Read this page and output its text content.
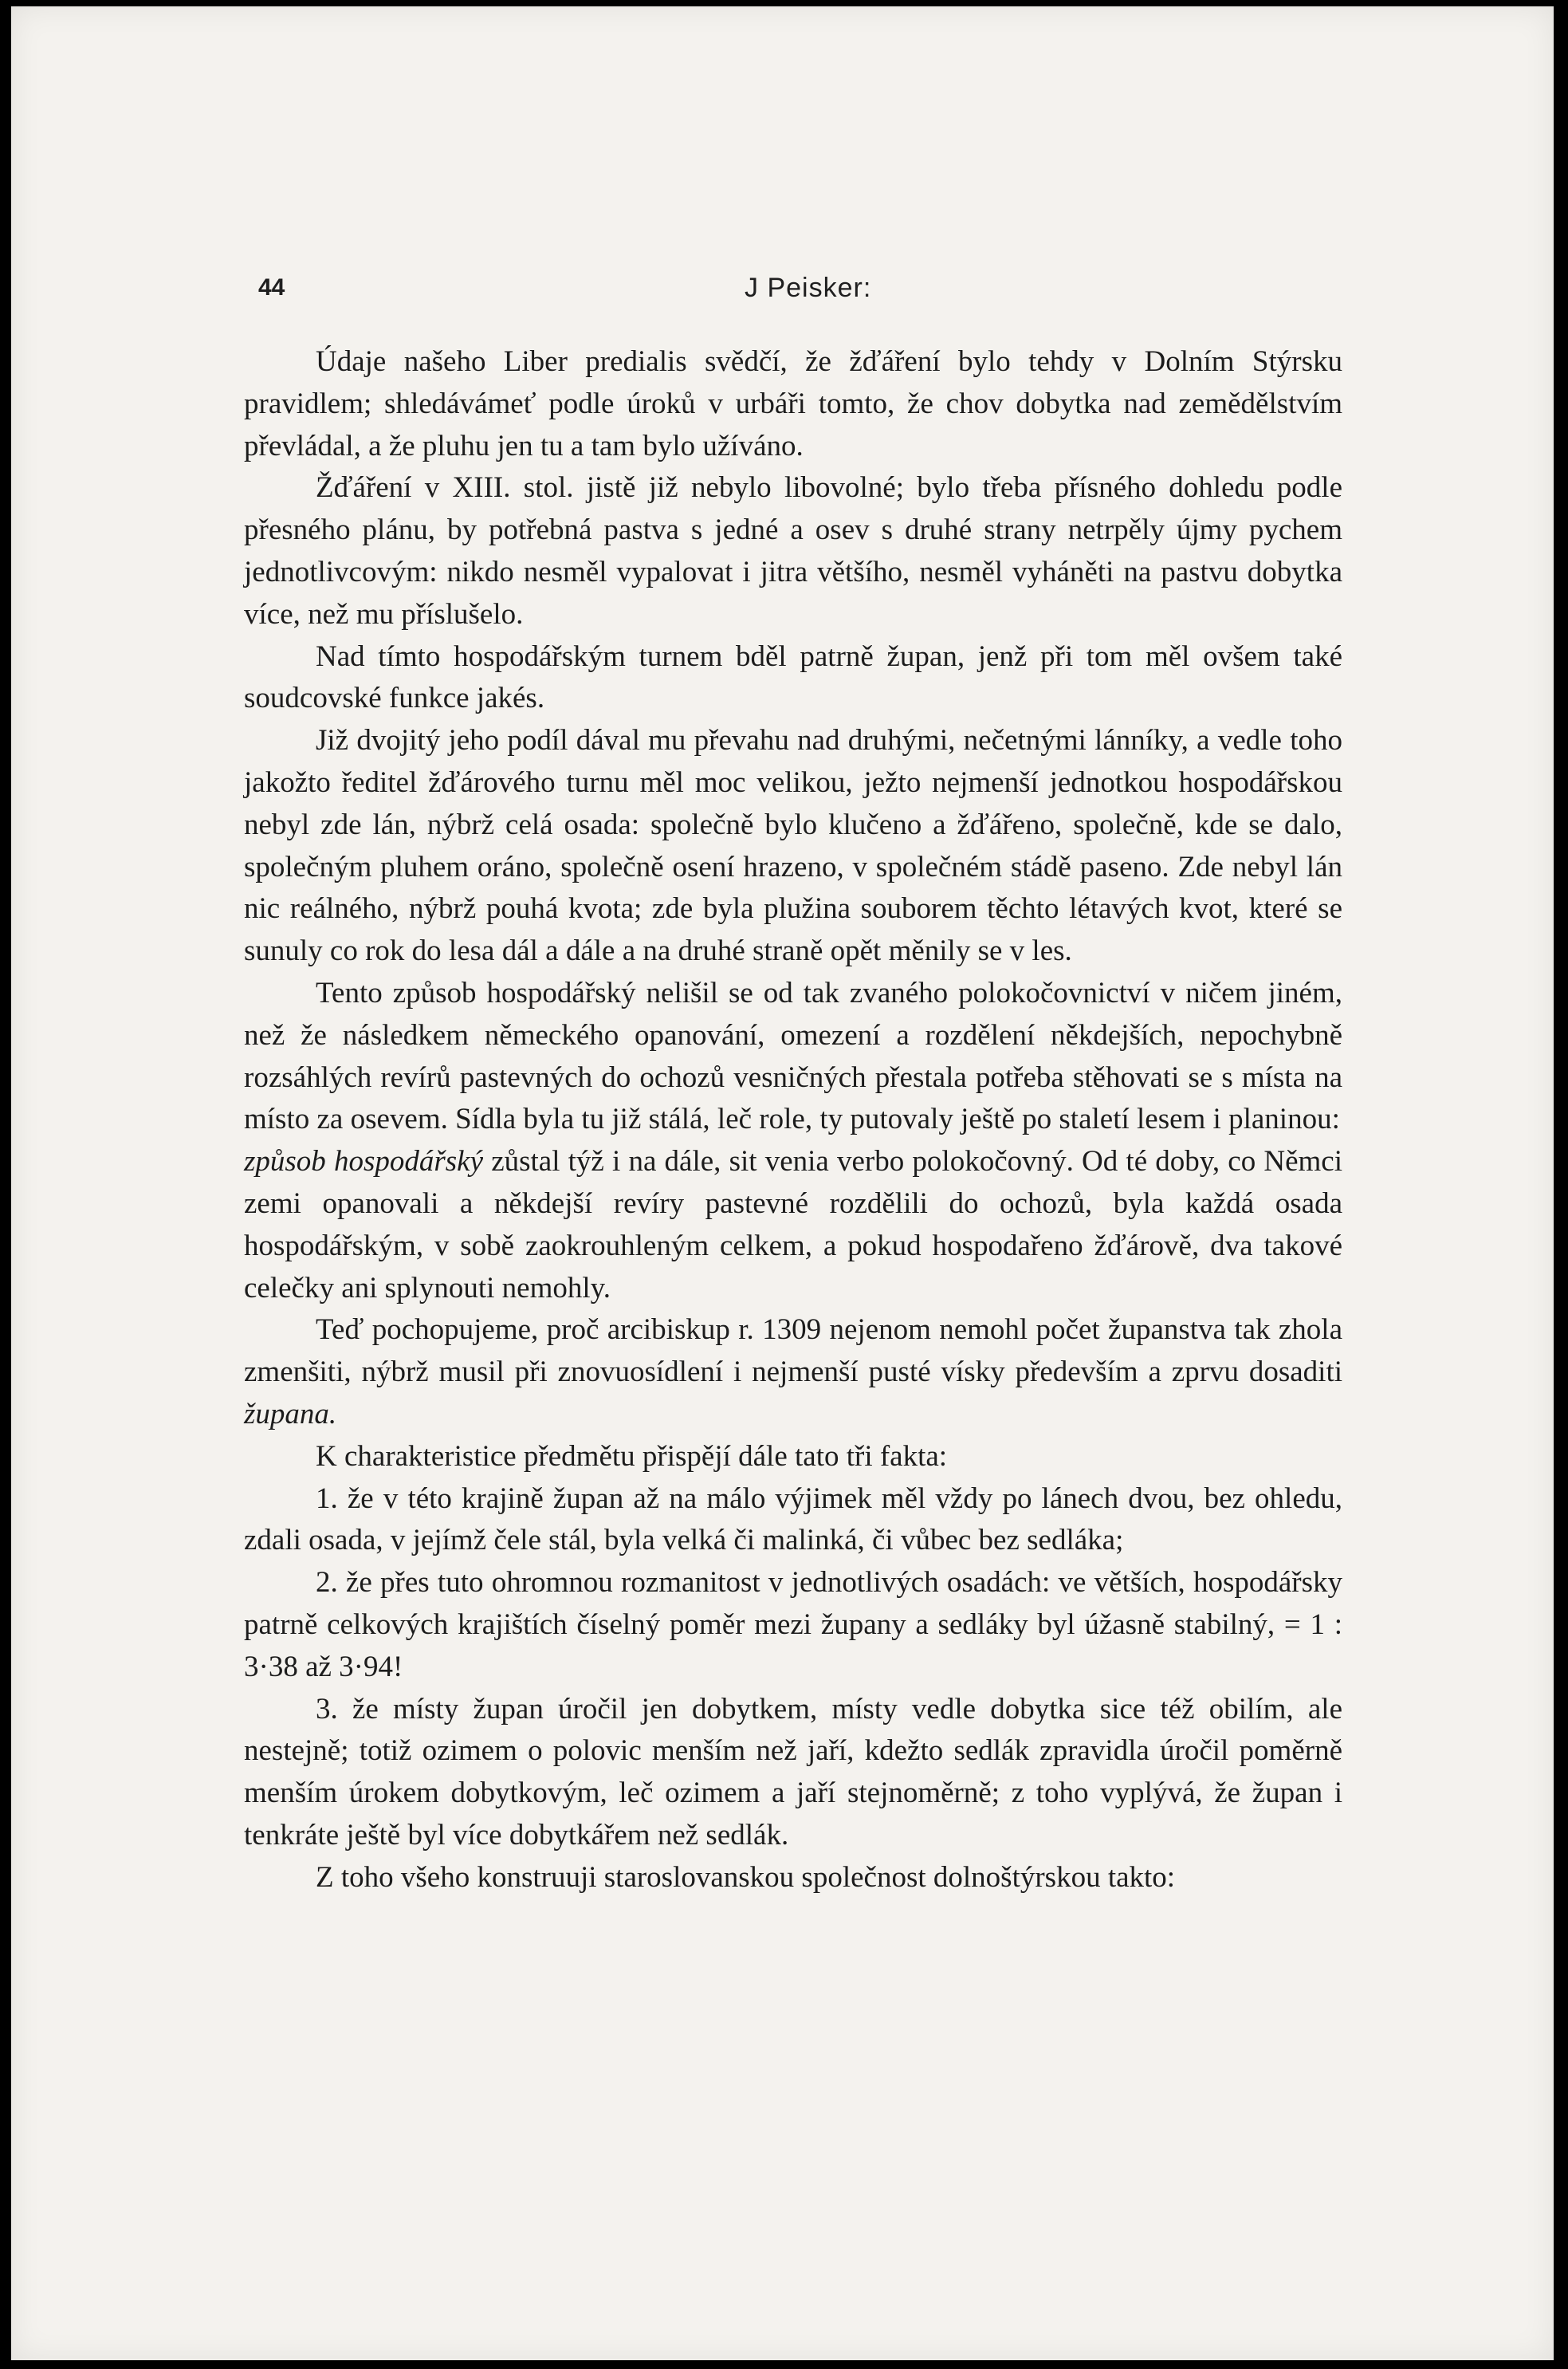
44	J Peisker:

Údaje našeho Liber predialis svědčí, že žďáření bylo tehdy v Dolním Stýrsku pravidlem; shledávámeť podle úroků v urbáři tomto, že chov dobytka nad zemědělstvím převládal, a že pluhu jen tu a tam bylo užíváno.

Žďáření v XIII. stol. jistě již nebylo libovolné; bylo třeba přísného dohledu podle přesného plánu, by potřebná pastva s jedné a osev s druhé strany netrpěly újmy pychem jednotlivcovým: nikdo nesměl vypalovat i jitra většího, nesměl vyháněti na pastvu dobytka více, než mu příslušelo.

Nad tímto hospodářským turnem bděl patrně župan, jenž při tom měl ovšem také soudcovské funkce jakés.

Již dvojitý jeho podíl dával mu převahu nad druhými, nečetnými lánníky, a vedle toho jakožto ředitel žďárového turnu měl moc velikou, ježto nejmenší jednotkou hospodářskou nebyl zde lán, nýbrž celá osada: společně bylo klučeno a žďářeno, společně, kde se dalo, společným pluhem oráno, společně osení hrazeno, v společném stádě paseno. Zde nebyl lán nic reálného, nýbrž pouhá kvota; zde byla plužina souborem těchto létavých kvot, které se sunuly co rok do lesa dál a dále a na druhé straně opět měnily se v les.

Tento způsob hospodářský nelišil se od tak zvaného polokočovnictví v ničem jiném, než že následkem německého opanování, omezení a rozdělení někdejších, nepochybně rozsáhlých revírů pastevných do ochozů vesničných přestala potřeba stěhovati se s místa na místo za osevem. Sídla byla tu již stálá, leč role, ty putovaly ještě po staletí lesem i planinou:

způsob hospodářský zůstal týž i na dále, sit venia verbo polokočovný. Od té doby, co Němci zemi opanovali a někdejší revíry pastevné rozdělili do ochozů, byla každá osada hospodářským, v sobě zaokrouhleným celkem, a pokud hospodařeno žďárově, dva takové celečky ani splynouti nemohly.

Teď pochopujeme, proč arcibiskup r. 1309 nejenom nemohl počet županstva tak zhola zmenšiti, nýbrž musil při znovuosídlení i nejmenší pusté vísky především a zprvu dosaditi župana.

K charakteristice předmětu přispějí dále tato tři fakta:

1. že v této krajině župan až na málo výjimek měl vždy po lánech dvou, bez ohledu, zdali osada, v jejímž čele stál, byla velká či malinká, či vůbec bez sedláka;

2. že přes tuto ohromnou rozmanitost v jednotlivých osadách: ve větších, hospodářsky patrně celkových krajištích číselný poměr mezi župany a sedláky byl úžasně stabilný, = 1 : 3·38 až 3·94!

3. že místy župan úročil jen dobytkem, místy vedle dobytka sice též obilím, ale nestejně; totiž ozimem o polovic menším než jaří, kdežto sedlák zpravidla úročil poměrně menším úrokem dobytkovým, leč ozimem a jaří stejnoměrně; z toho vyplývá, že župan i tenkráte ještě byl více dobytkářem než sedlák.

Z toho všeho konstruuji staroslovanskou společnost dolnoštýrskou takto:
